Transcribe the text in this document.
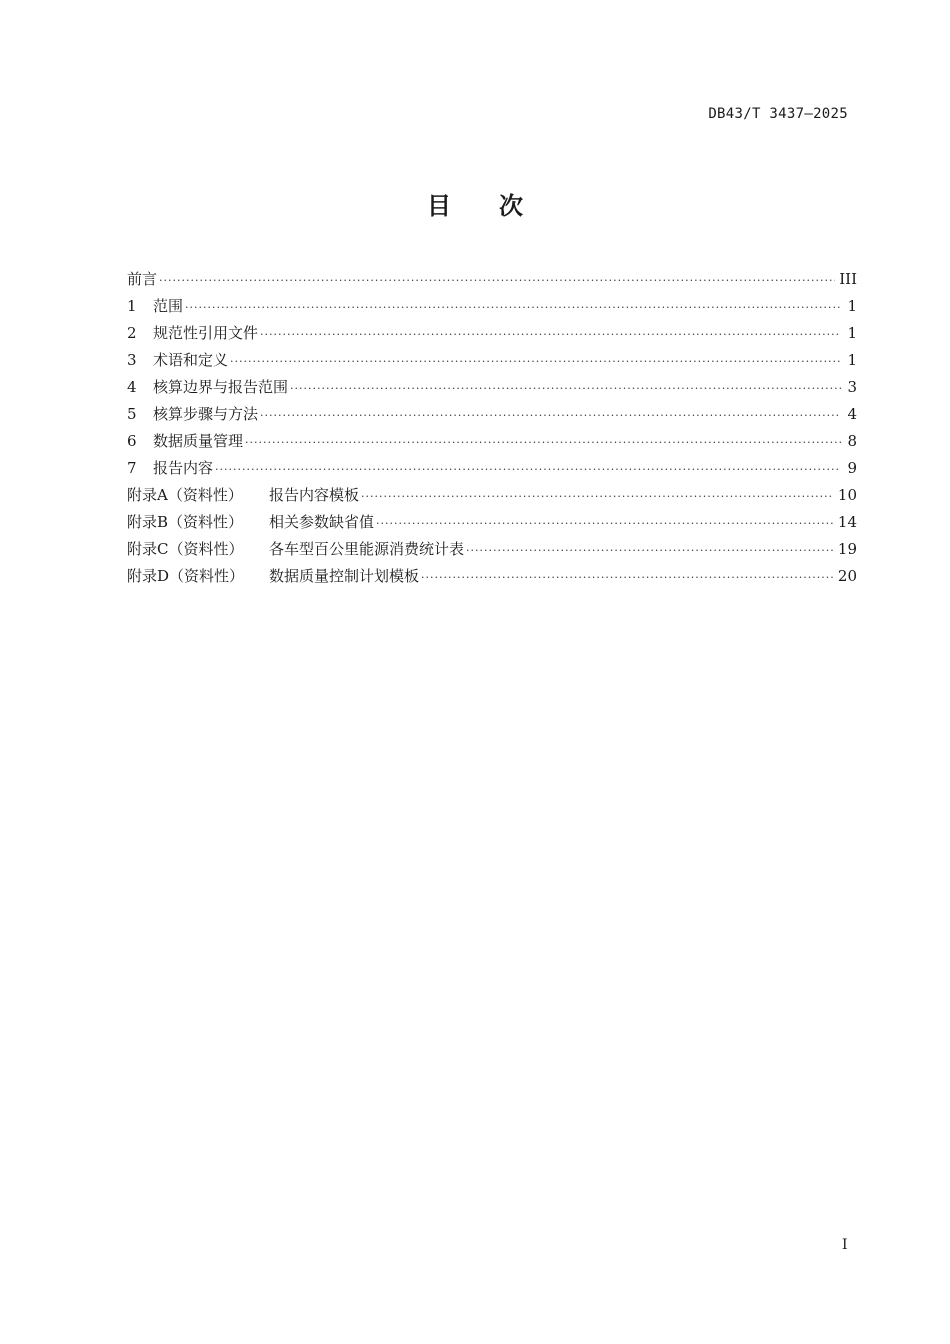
DB43/T 3437—2025
目次
前言 ·····	III
1	范围 ·····	1
2	规范性引用文件 ·····	1
3	术语和定义 ·····	1
4	核算边界与报告范围 ·····	3
5	核算步骤与方法 ·····	4
6	数据质量管理 ·····	8
7	报告内容 ·····	9
附录A（资料性）	报告内容模板 ·····	10
附录B（资料性）	相关参数缺省值 ·····	14
附录C（资料性）	各车型百公里能源消费统计表 ·····	19
附录D（资料性）	数据质量控制计划模板 ·····	20
I
